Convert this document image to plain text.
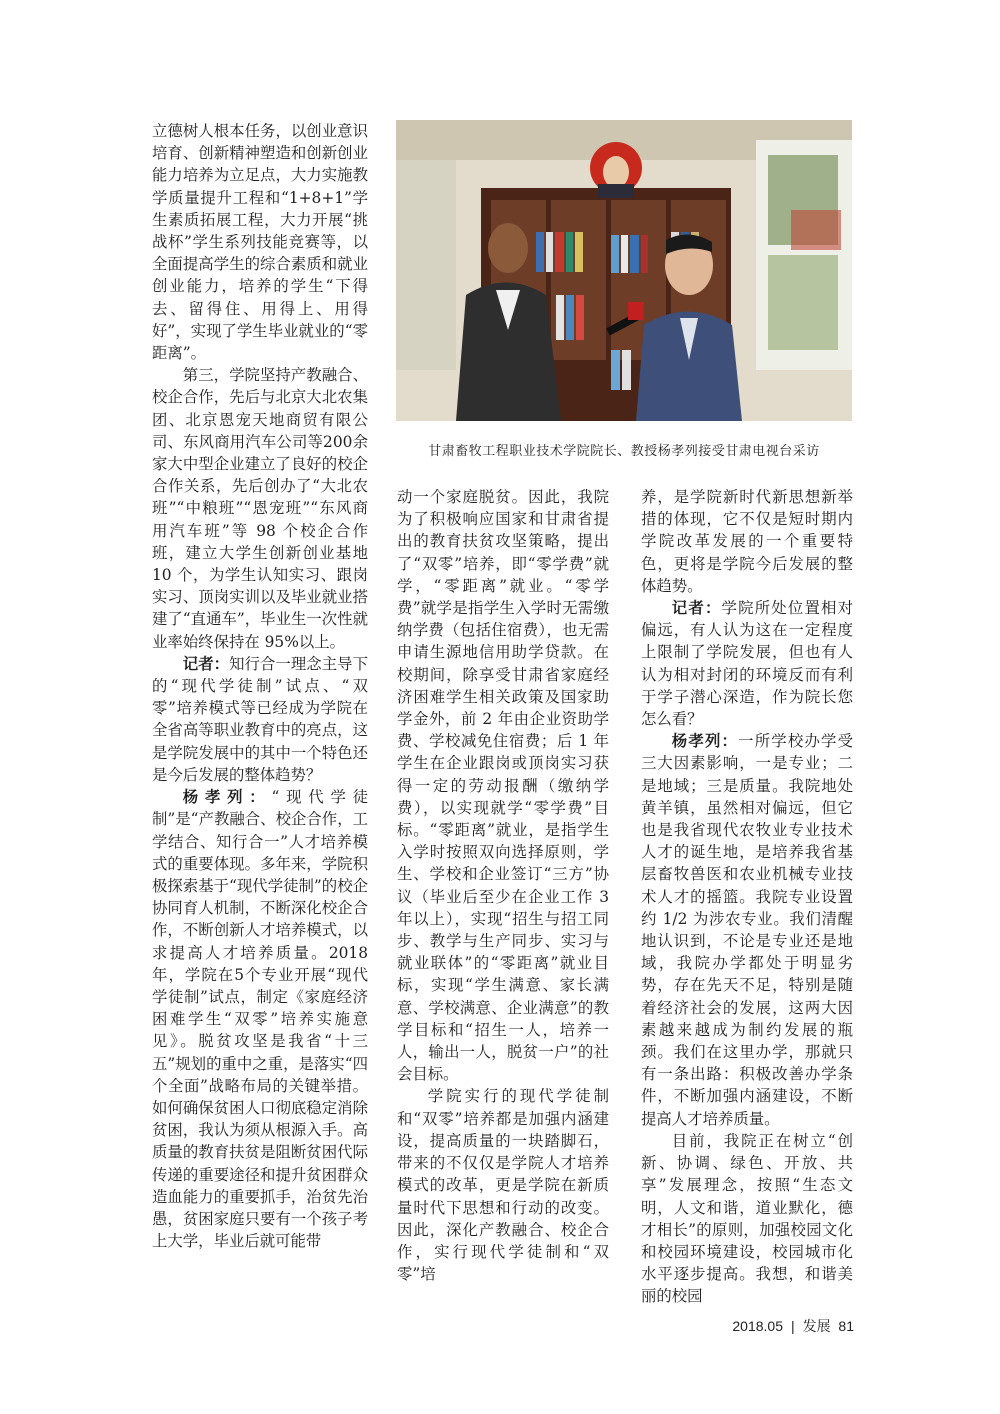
立德树人根本任务，以创业意识培育、创新精神塑造和创新创业能力培养为立足点，大力实施教学质量提升工程和“1+8+1”学生素质拓展工程，大力开展“挑战杯”学生系列技能竞赛等，以全面提高学生的综合素质和就业创业能力，培养的学生“下得去、留得住、用得上、用得好”，实现了学生毕业就业的“零距离”。

第三，学院坚持产教融合、校企合作，先后与北京大北农集团、北京恩宠天地商贸有限公司、东风商用汽车公司等200余家大中型企业建立了良好的校企合作关系，先后创办了“大北农班”“中粮班”“恩宠班”“东风商用汽车班”等 98 个校企合作班，建立大学生创新创业基地 10 个，为学生认知实习、跟岗实习、顶岗实训以及毕业就业搭建了“直通车”，毕业生一次性就业率始终保持在 95%以上。

记者：知行合一理念主导下的“现代学徒制”试点、“双零”培养模式等已经成为学院在全省高等职业教育中的亮点，这是学院发展中的其中一个特色还是今后发展的整体趋势？

杨孝列：“现代学徒制”是“产教融合、校企合作，工学结合、知行合一”人才培养模式的重要体现。多年来，学院积极探索基于“现代学徒制”的校企协同育人机制，不断深化校企合作，不断创新人才培养模式，以求提高人才培养质量。2018年，学院在5个专业开展“现代学徒制”试点，制定《家庭经济困难学生“双零”培养实施意见》。脱贫攻坚是我省“十三五”规划的重中之重，是落实“四个全面”战略布局的关键举措。如何确保贫困人口彻底稳定消除贫困，我认为须从根源入手。高质量的教育扶贫是阻断贫困代际传递的重要途径和提升贫困群众造血能力的重要抓手，治贫先治愚，贫困家庭只要有一个孩子考上大学，毕业后就可能带

甘肃畜牧工程职业技术学院院长、教授杨孝列接受甘肃电视台采访

动一个家庭脱贫。因此，我院为了积极响应国家和甘肃省提出的教育扶贫攻坚策略，提出了“双零”培养，即“零学费”就学，“零距离”就业。“零学费”就学是指学生入学时无需缴纳学费（包括住宿费），也无需申请生源地信用助学贷款。在校期间，除享受甘肃省家庭经济困难学生相关政策及国家助学金外，前 2 年由企业资助学费、学校减免住宿费；后 1 年学生在企业跟岗或顶岗实习获得一定的劳动报酬（缴纳学费），以实现就学“零学费”目标。“零距离”就业，是指学生入学时按照双向选择原则，学生、学校和企业签订“三方”协议（毕业后至少在企业工作 3 年以上），实现“招生与招工同步、教学与生产同步、实习与就业联体”的“零距离”就业目标，实现“学生满意、家长满意、学校满意、企业满意”的教学目标和“招生一人，培养一人，输出一人，脱贫一户”的社会目标。

学院实行的现代学徒制和“双零”培养都是加强内涵建设，提高质量的一块踏脚石，带来的不仅仅是学院人才培养模式的改革，更是学院在新质量时代下思想和行动的改变。因此，深化产教融合、校企合作，实行现代学徒制和“双零”培

养，是学院新时代新思想新举措的体现，它不仅是短时期内学院改革发展的一个重要特色，更将是学院今后发展的整体趋势。

记者：学院所处位置相对偏远，有人认为这在一定程度上限制了学院发展，但也有人认为相对封闭的环境反而有利于学子潜心深造，作为院长您怎么看？

杨孝列：一所学校办学受三大因素影响，一是专业；二是地域；三是质量。我院地处黄羊镇，虽然相对偏远，但它也是我省现代农牧业专业技术人才的诞生地，是培养我省基层畜牧兽医和农业机械专业技术人才的摇篮。我院专业设置约 1/2 为涉农专业。我们清醒地认识到，不论是专业还是地域，我院办学都处于明显劣势，存在先天不足，特别是随着经济社会的发展，这两大因素越来越成为制约发展的瓶颈。我们在这里办学，那就只有一条出路：积极改善办学条件，不断加强内涵建设，不断提高人才培养质量。

目前，我院正在树立“创新、协调、绿色、开放、共享”发展理念，按照“生态文明，人文和谐，道业默化，德才相长”的原则，加强校园文化和校园环境建设，校园城市化水平逐步提高。我想，和谐美丽的校园

2018.05 | 发展 81
